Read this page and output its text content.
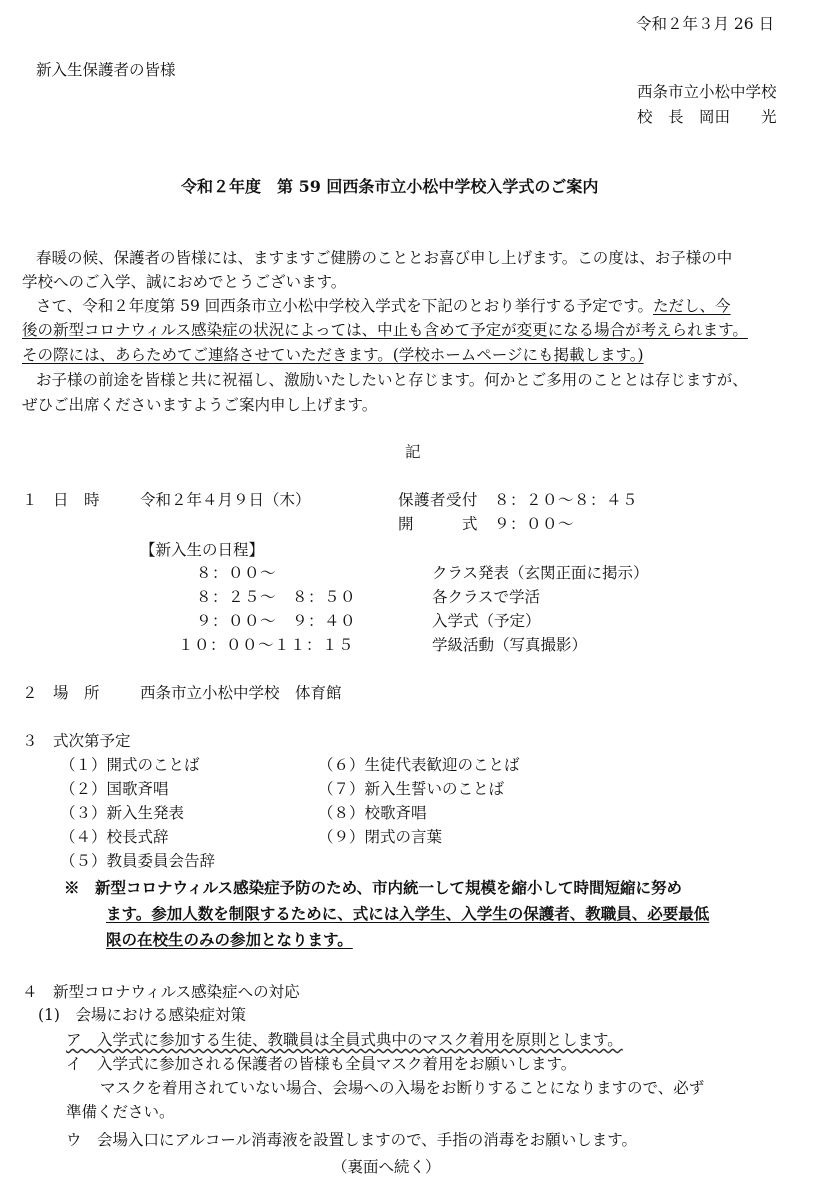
令和２年３月 26 日
新入生保護者の皆様
西条市立小松中学校
校　長　岡田　　光
令和２年度　第 59 回西条市立小松中学校入学式のご案内
春暖の候、保護者の皆様には、ますますご健勝のこととお喜び申し上げます。この度は、お子様の中
学校へのご入学、誠におめでとうございます。
さて、令和２年度第 59 回西条市立小松中学校入学式を下記のとおり挙行する予定です。ただし、今
後の新型コロナウィルス感染症の状況によっては、中止も含めて予定が変更になる場合が考えられます。
その際には、あらためてご連絡させていただきます。(学校ホームページにも掲載します。)
お子様の前途を皆様と共に祝福し、激励いたしたいと存じます。何かとご多用のこととは存じますが、
ぜひご出席くださいますようご案内申し上げます。
記
１　日　時	令和２年４月９日（木）	保護者受付　８：２０～８：４５
開　　　式　９：００～
【新入生の日程】
８：００～	クラス発表（玄関正面に掲示）
８：２５～　８：５０	各クラスで学活
９：００～　９：４０	入学式（予定）
１０：００～１１：１５	学級活動（写真撮影）
２　場　所	西条市立小松中学校　体育館
３　式次第予定
（１）開式のことば
（２）国歌斉唱
（３）新入生発表
（４）校長式辞
（５）教員委員会告辞
（６）生徒代表歓迎のことば
（７）新入生誓いのことば
（８）校歌斉唱
（９）閉式の言葉
※　新型コロナウィルス感染症予防のため、市内統一して規模を縮小して時間短縮に努め
ます。参加人数を制限するために、式には入学生、入学生の保護者、教職員、必要最低
限の在校生のみの参加となります。
４　新型コロナウィルス感染症への対応
(1)　会場における感染症対策
ア　入学式に参加する生徒、教職員は全員式典中のマスク着用を原則とします。
イ　入学式に参加される保護者の皆様も全員マスク着用をお願いします。
マスクを着用されていない場合、会場への入場をお断りすることになりますので、必ず
準備ください。
ウ　会場入口にアルコール消毒液を設置しますので、手指の消毒をお願いします。
（裏面へ続く）
